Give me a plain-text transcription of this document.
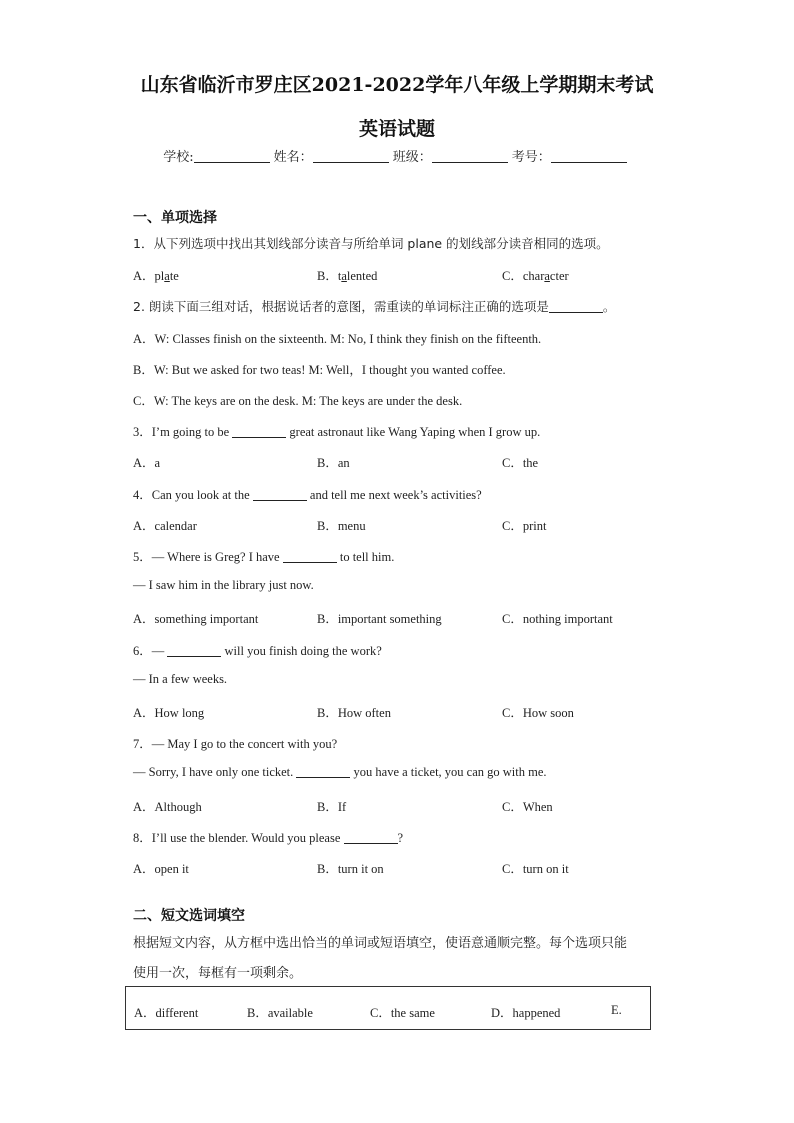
山东省临沂市罗庄区2021-2022学年八年级上学期期末考试
英语试题
学校:	姓名：	班级：	考号：
一、单项选择
1．从下列选项中找出其划线部分读音与所给单词 plane 的划线部分读音相同的选项。
A．plate	B．talented	C．character
2. 朗读下面三组对话，根据说话者的意图，需重读的单词标注正确的选项是	。
A．W: Classes finish on the sixteenth. M: No, I think they finish on the fifteenth.
B．W: But we asked for two teas! M: Well，I thought you wanted coffee.
C．W: The keys are on the desk. M: The keys are under the desk.
3．I’m going to be	great astronaut like Wang Yaping when I grow up.
A．a	B．an	C．the
4．Can you look at the	and tell me next week’s activities?
A．calendar	B．menu	C．print
5．— Where is Greg? I have	to tell him.
— I saw him in the library just now.
A．something important	B．important something	C．nothing important
6．—	will you finish doing the work?
— In a few weeks.
A．How long	B．How often	C．How soon
7．— May I go to the concert with you?
— Sorry, I have only one ticket.	you have a ticket, you can go with me.
A．Although	B．If	C．When
8．I’ll use the blender. Would you please	?
A．open it	B．turn it on	C．turn on it
二、短文选词填空
根据短文内容，从方框中选出恰当的单词或短语填空，使语意通顺完整。每个选项只能
使用一次，每框有一项剩余。
A．different	B．available	C．the same	D．happened	E.
